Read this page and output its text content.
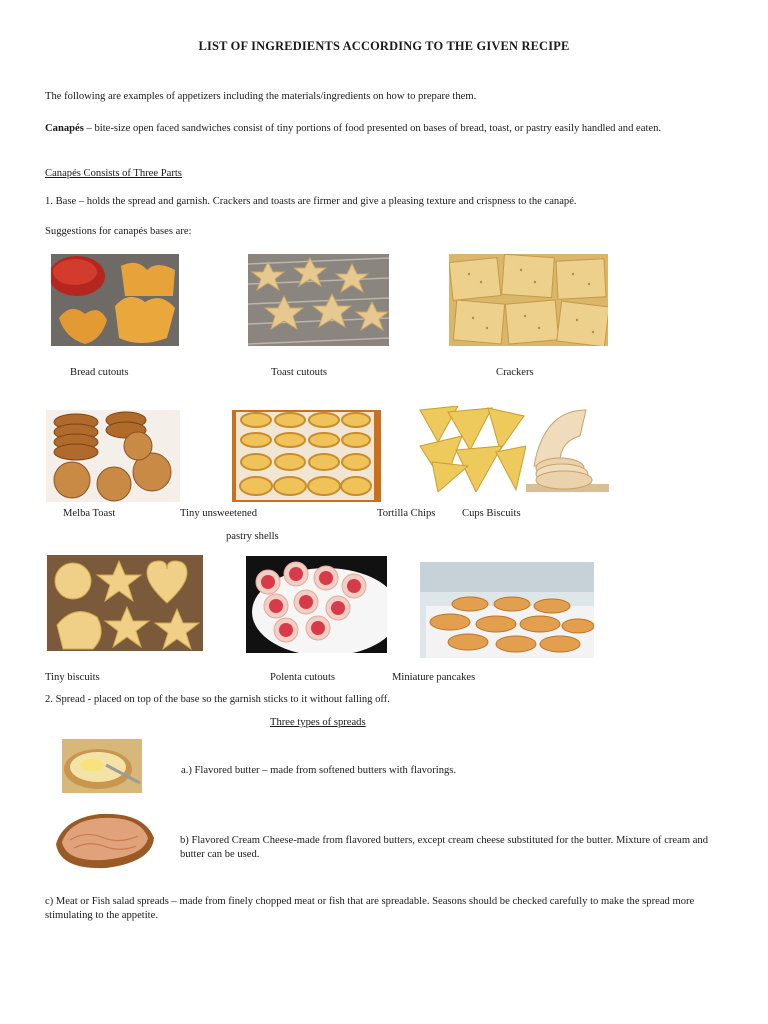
LIST OF INGREDIENTS ACCORDING TO THE GIVEN RECIPE
The following are examples of appetizers including the materials/ingredients on how to prepare them.
Canapés – bite-size open faced sandwiches consist of tiny portions of food presented on bases of bread, toast, or pastry easily handled and eaten.
Canapés Consists of Three Parts
1. Base – holds the spread and garnish. Crackers and toasts are firmer and give a pleasing texture and crispness to the canapé.
Suggestions for canapés bases are:
Bread cutouts	Toast cutouts	Crackers
Melba Toast	Tiny unsweetened
pastry shells
Tortilla Chips	Cups Biscuits
Tiny biscuits	Polenta cutouts	Miniature pancakes
2. Spread - placed on top of the base so the garnish sticks to it without falling off.
Three types of spreads
a.) Flavored butter – made from softened butters with flavorings.
b) Flavored Cream Cheese-made from flavored butters, except cream cheese substituted for the butter. Mixture of cream and butter can be used.
c) Meat or Fish salad spreads – made from finely chopped meat or fish that are spreadable. Seasons should be checked carefully to make the spread more stimulating to the appetite.
